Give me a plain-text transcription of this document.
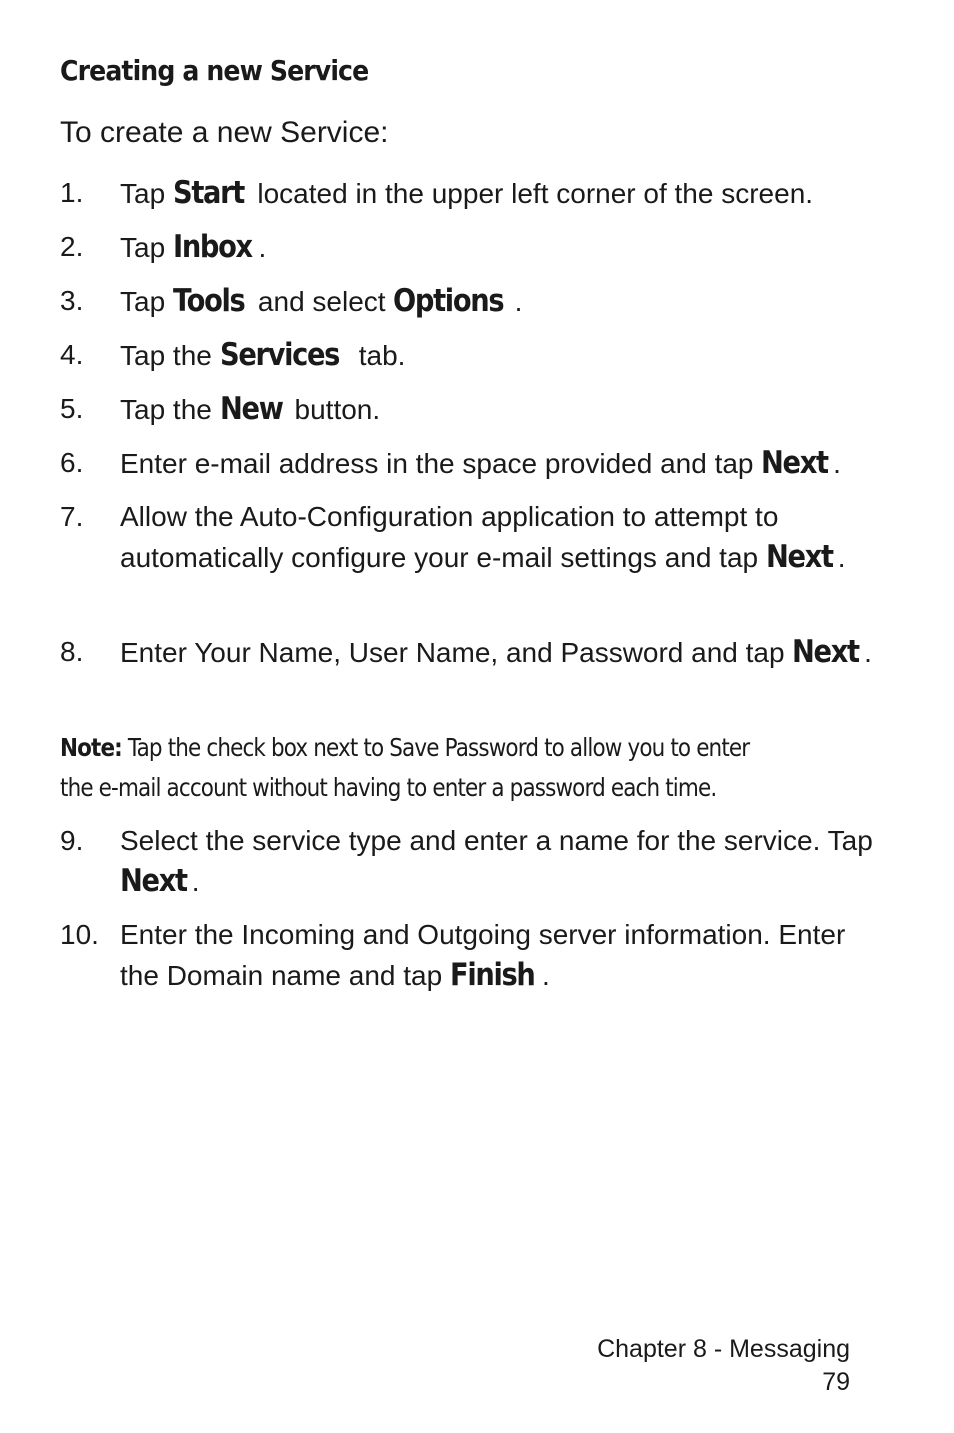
Creating a new Service
To create a new Service:
1.	Tap Start located in the upper left corner of the screen.
2.	Tap Inbox .
3.	Tap Tools and select Options .
4.	Tap the Services tab.
5.	Tap the New button.
6.	Enter e-mail address in the space provided and tap Next .
7.	Allow the Auto-Configuration application to attempt to automatically configure your e-mail settings and tap Next .
8.	Enter Your Name, User Name, and Password and tap Next .
Note: Tap the check box next to Save Password to allow you to enter
the e-mail account without having to enter a password each time.
9.	Select the service type and enter a name for the service. Tap Next .
10. Enter the Incoming and Outgoing server information. Enter the Domain name and tap Finish .
Chapter 8 - Messaging
79
